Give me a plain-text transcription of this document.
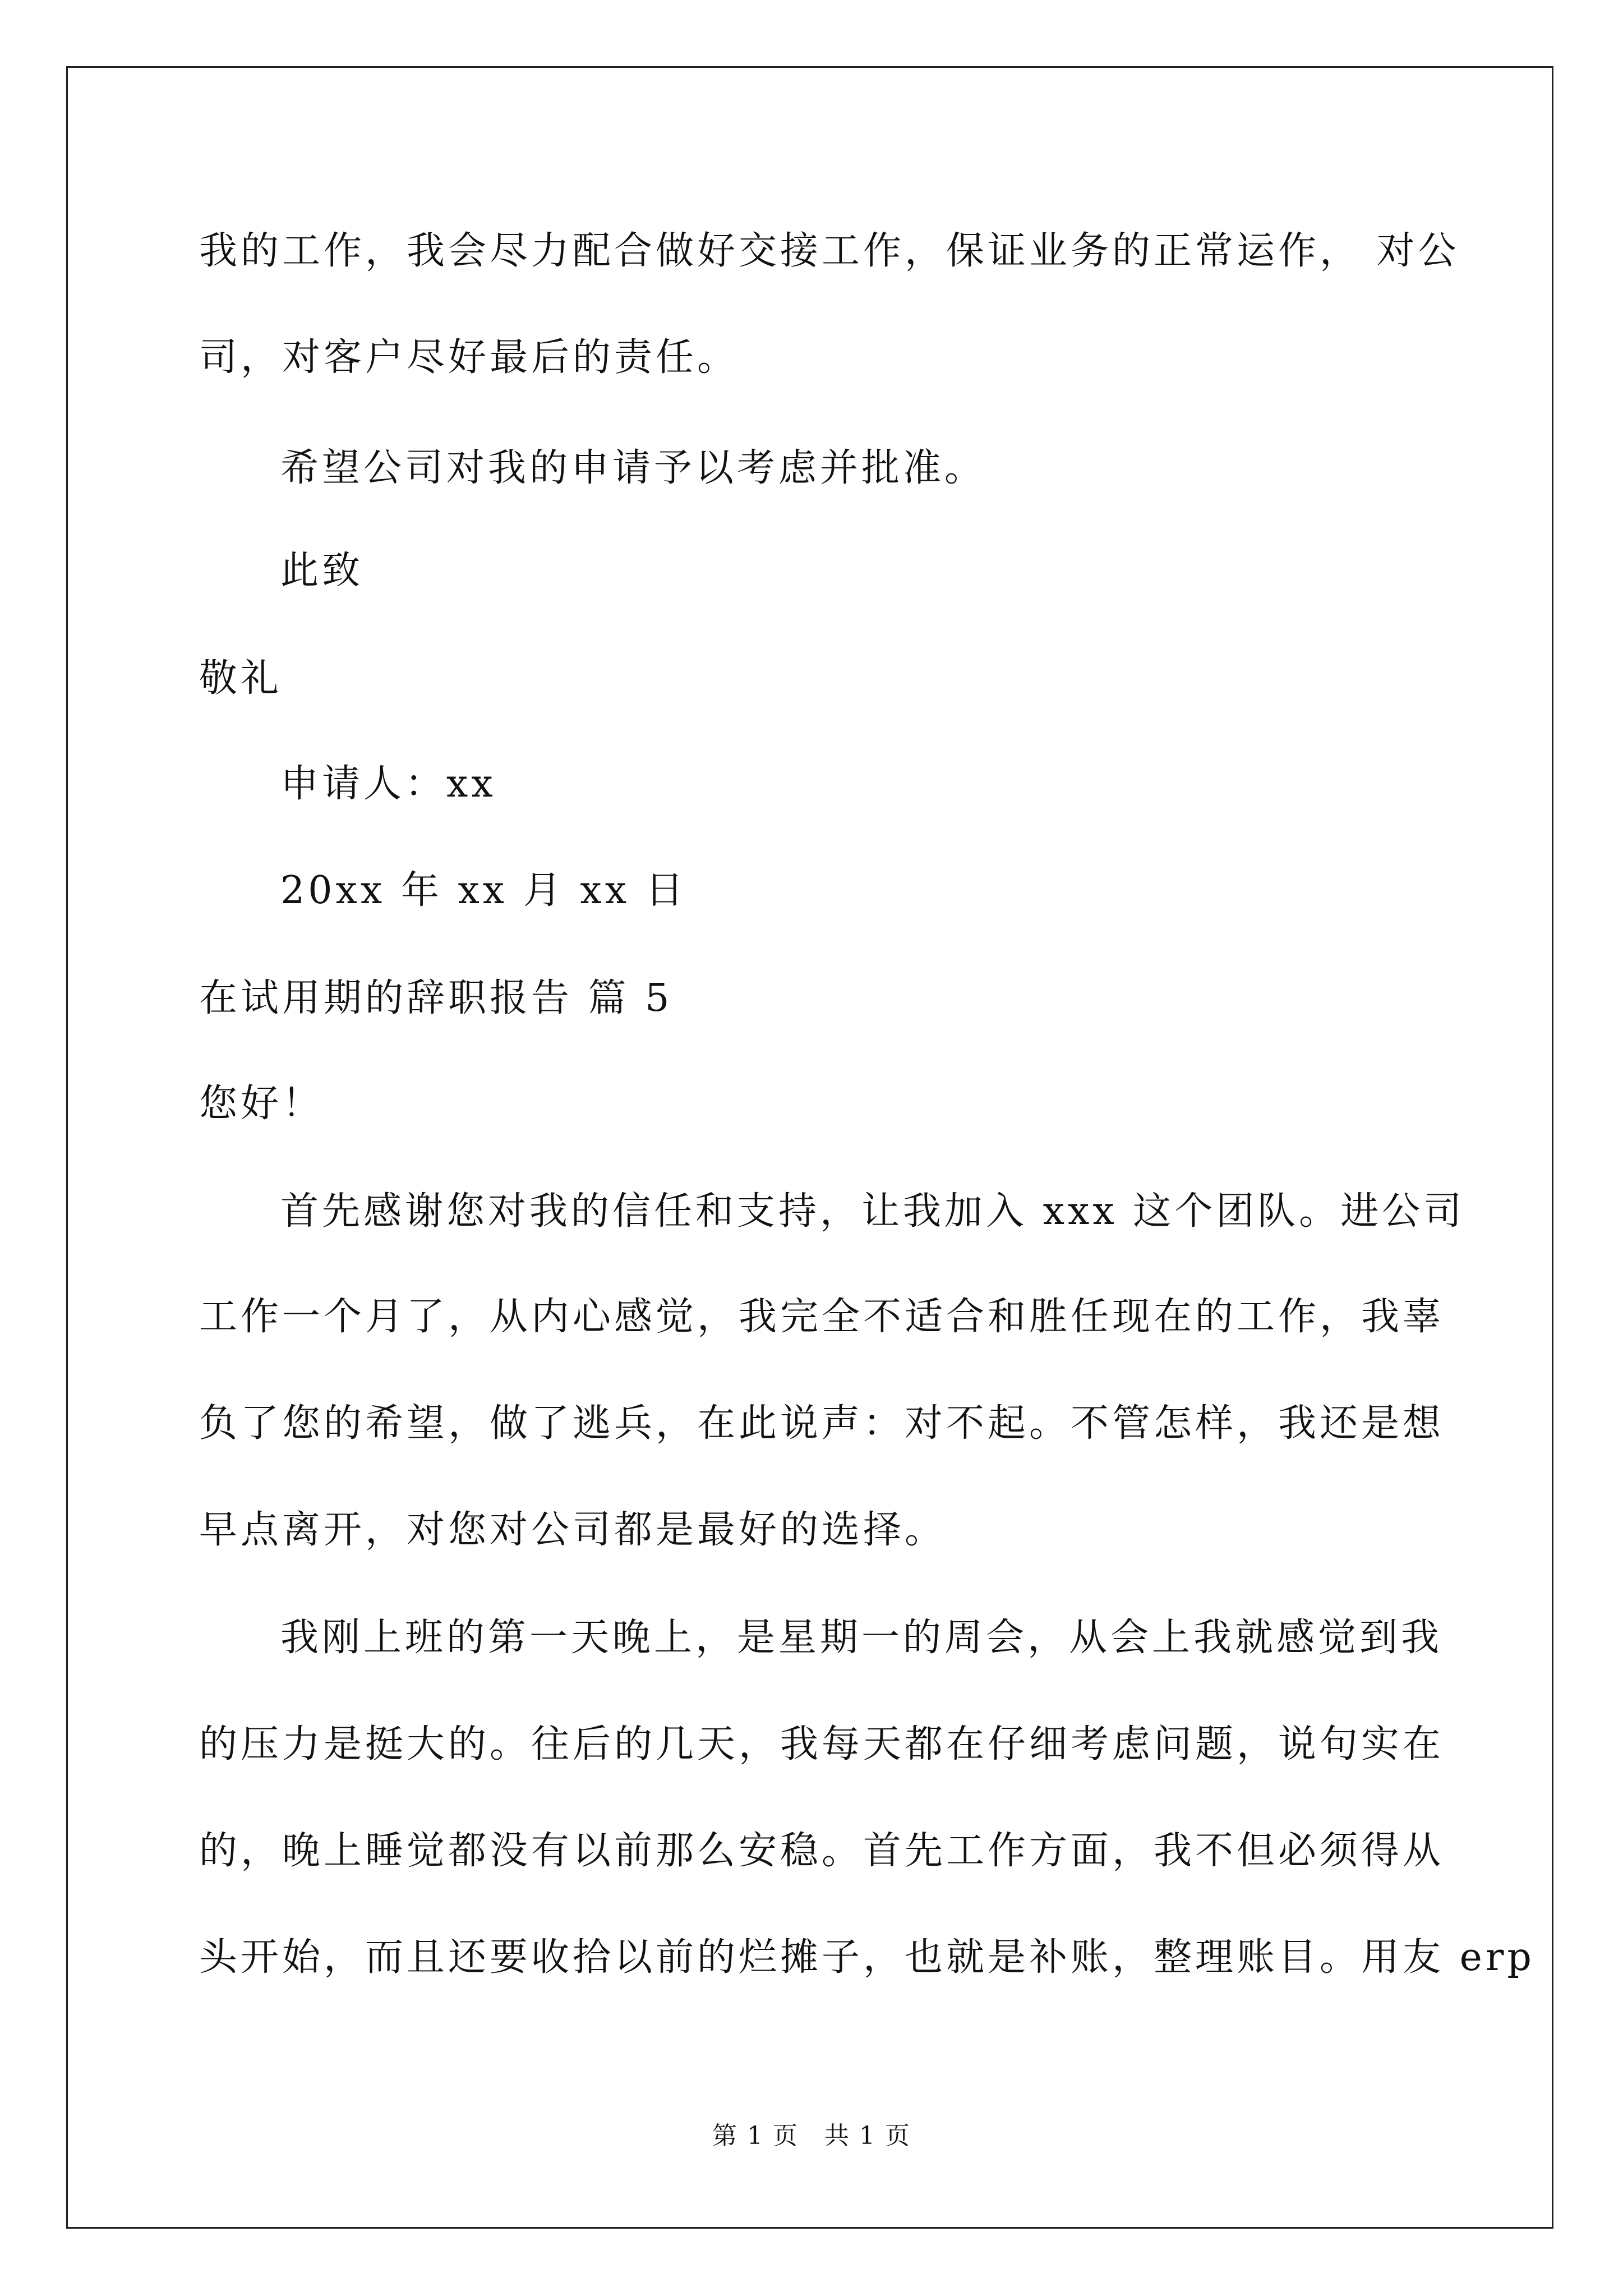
我的工作，我会尽力配合做好交接工作，保证业务的正常运作， 对公
司，对客户尽好最后的责任。
希望公司对我的申请予以考虑并批准。
此致
敬礼
申请人：xx
20xx 年 xx 月 xx 日
在试用期的辞职报告 篇 5
您好！
首先感谢您对我的信任和支持，让我加入 xxx 这个团队。进公司
工作一个月了，从内心感觉，我完全不适合和胜任现在的工作，我辜
负了您的希望，做了逃兵，在此说声：对不起。不管怎样，我还是想
早点离开，对您对公司都是最好的选择。
我刚上班的第一天晚上，是星期一的周会，从会上我就感觉到我
的压力是挺大的。往后的几天，我每天都在仔细考虑问题，说句实在
的，晚上睡觉都没有以前那么安稳。首先工作方面，我不但必须得从
头开始，而且还要收拾以前的烂摊子，也就是补账，整理账目。用友 erp
第 1 页　共 1 页
